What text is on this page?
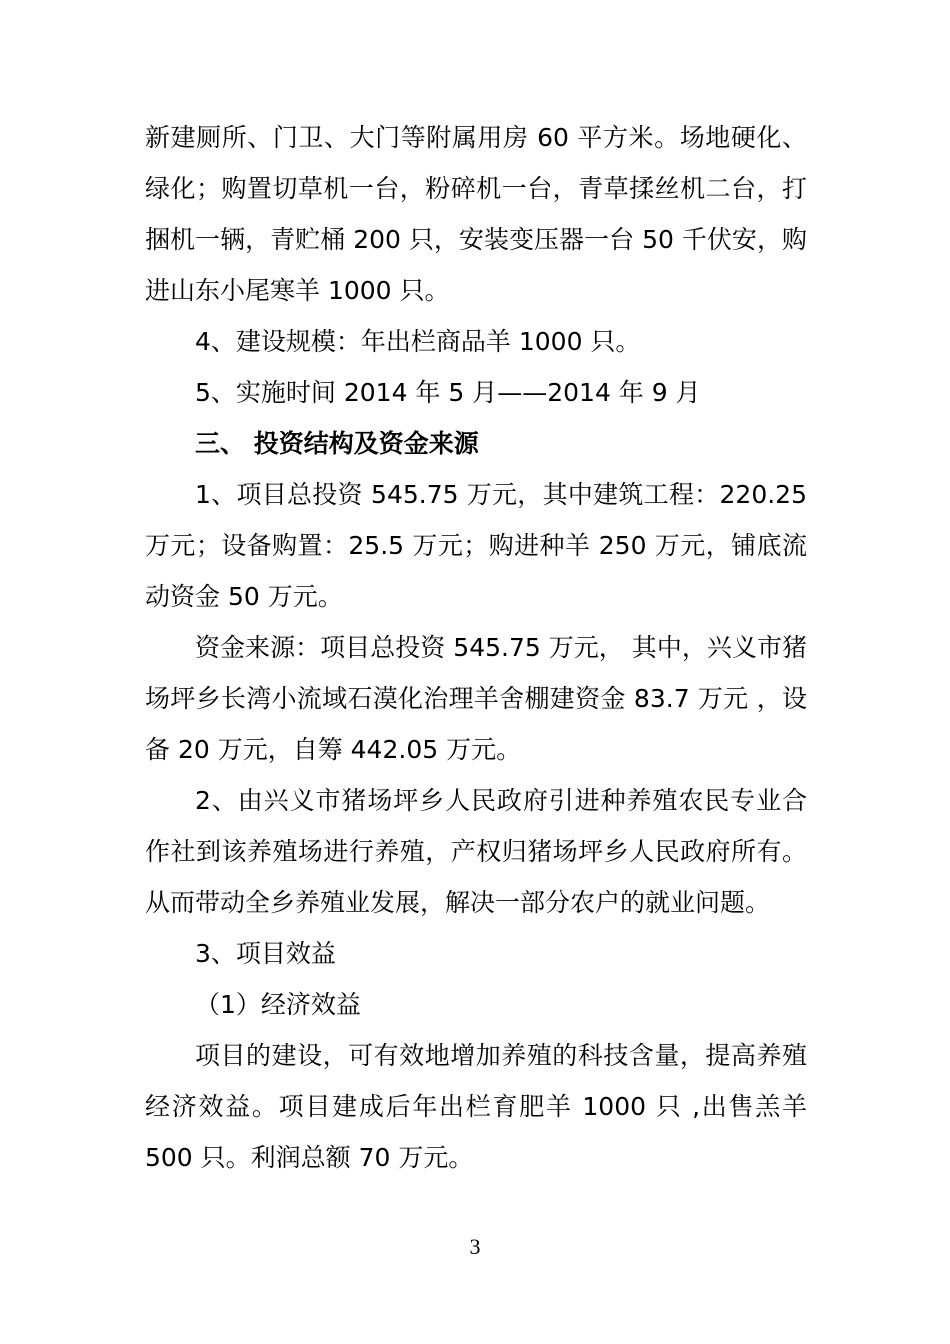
新建厕所、门卫、大门等附属用房 60 平方米。场地硬化、绿化；购置切草机一台，粉碎机一台，青草揉丝机二台，打捆机一辆，青贮桶 200 只，安装变压器一台 50 千伏安，购进山东小尾寒羊 1000 只。

4、建设规模：年出栏商品羊 1000 只。

5、实施时间 2014 年 5 月——2014 年 9 月

三、 投资结构及资金来源

1、项目总投资 545.75 万元，其中建筑工程：220.25 万元；设备购置：25.5 万元；购进种羊 250 万元，铺底流动资金 50 万元。

资金来源：项目总投资 545.75 万元， 其中，兴义市猪场坪乡长湾小流域石漠化治理羊舍棚建资金 83.7 万元 ，设备 20 万元，自筹 442.05 万元。

2、由兴义市猪场坪乡人民政府引进种养殖农民专业合作社到该养殖场进行养殖，产权归猪场坪乡人民政府所有。从而带动全乡养殖业发展，解决一部分农户的就业问题。

3、项目效益

（1）经济效益

项目的建设，可有效地增加养殖的科技含量，提高养殖经济效益。项目建成后年出栏育肥羊 1000 只 ,出售羔羊 500 只。利润总额 70 万元。

3
